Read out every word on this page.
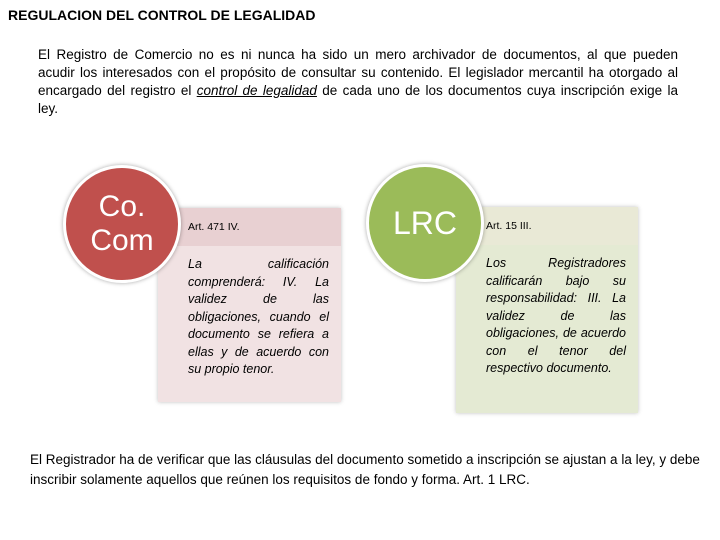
REGULACION DEL CONTROL DE LEGALIDAD
El Registro de Comercio no es ni nunca ha sido un mero archivador de documentos, al que pueden acudir los interesados con el propósito de consultar su contenido. El legislador mercantil ha otorgado al encargado del registro el control de legalidad de cada uno de los documentos cuya inscripción exige la ley.
Art. 471 IV.
La calificación comprenderá: IV. La validez de las obligaciones, cuando el documento se refiera a ellas y de acuerdo con su propio tenor.
Co. Com	Art. 15 III.
Los Registradores calificarán bajo su responsabilidad: III. La validez de las obligaciones, de acuerdo con el tenor del respectivo documento.
LRC
El Registrador ha de verificar que las cláusulas del documento sometido a inscripción se ajustan a la ley, y debe inscribir solamente aquellos que reúnen los requisitos de fondo y forma. Art. 1 LRC.
